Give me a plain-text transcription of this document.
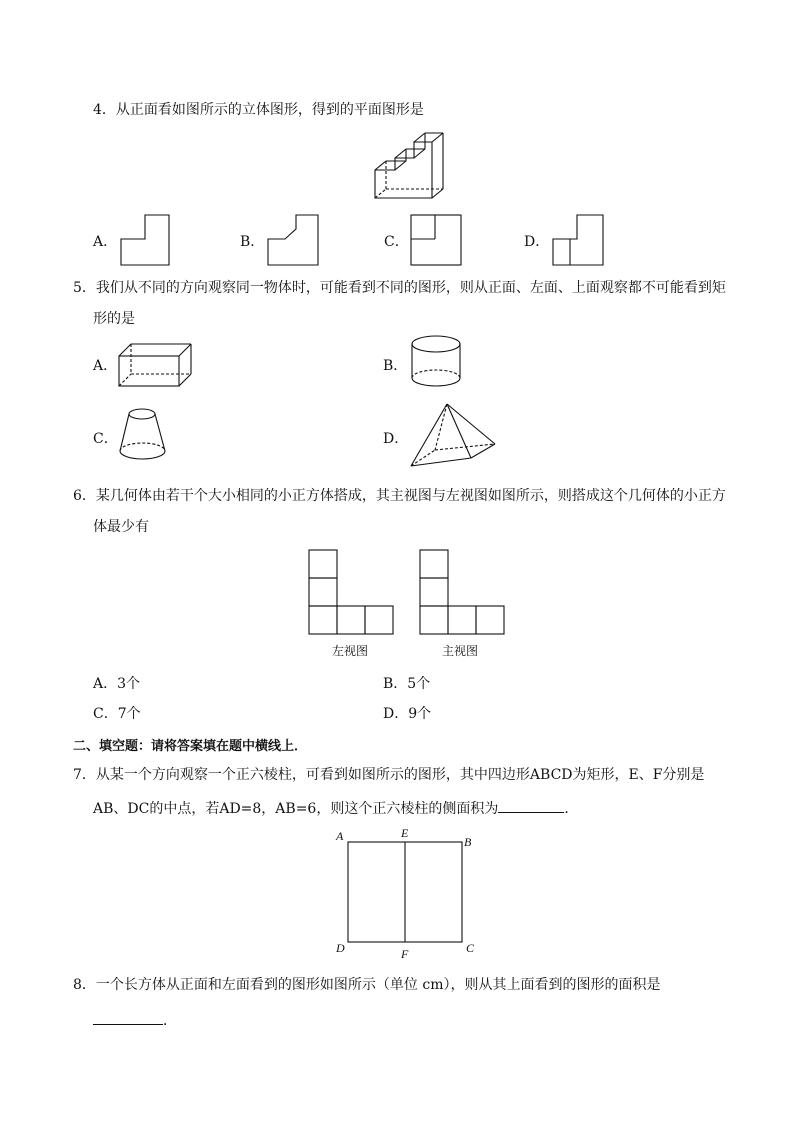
4．从正面看如图所示的立体图形，得到的平面图形是
A．	B．	C．	D．
5．我们从不同的方向观察同一物体时，可能看到不同的图形，则从正面、左面、上面观察都不可能看到矩
形的是
A．	B．
C．	D．
6．某几何体由若干个大小相同的小正方体搭成，其主视图与左视图如图所示，则搭成这个几何体的小正方
体最少有
左视图	主视图
A．3个	B．5个
C．7个	D．9个
二、填空题：请将答案填在题中横线上．
7．从某一个方向观察一个正六棱柱，可看到如图所示的图形，其中四边形ABCD为矩形，E、F分别是
AB、DC的中点，若AD=8，AB=6，则这个正六棱柱的侧面积为	．
A	E
B
D	F	C
8．一个长方体从正面和左面看到的图形如图所示（单位 cm），则从其上面看到的图形的面积是
．
